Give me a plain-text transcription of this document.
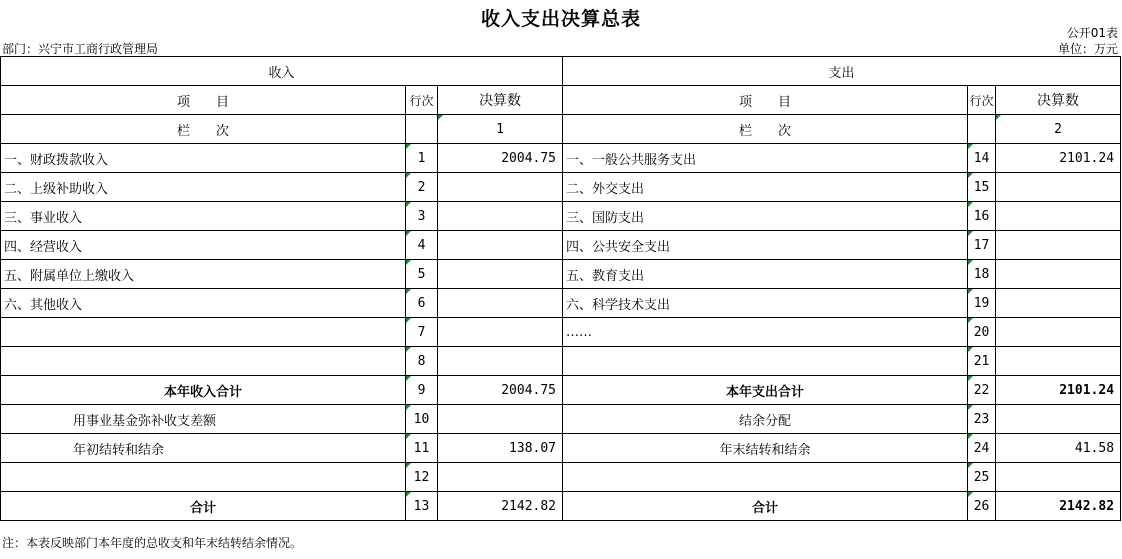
收入支出决算总表
公开01表
部门：兴宁市工商行政管理局	单位：万元
收入			支出		
项　　目	行次	决算数	项　　目	行次	决算数
栏　　次		1	栏　　次		2
一、财政拨款收入	1	2004.75	一、一般公共服务支出	14	2101.24
二、上级补助收入	2		二、外交支出	15	
三、事业收入	3		三、国防支出	16	
四、经营收入	4		四、公共安全支出	17	
五、附属单位上缴收入	5		五、教育支出	18	
六、其他收入	6		六、科学技术支出	19	
	7		……	20	
	8			21	
本年收入合计	9	2004.75	本年支出合计	22	2101.24
用事业基金弥补收支差额	10		结余分配	23	
年初结转和结余	11	138.07	年末结转和结余	24	41.58
	12			25	
合计	13	2142.82	合计	26	2142.82
注：本表反映部门本年度的总收支和年末结转结余情况。
